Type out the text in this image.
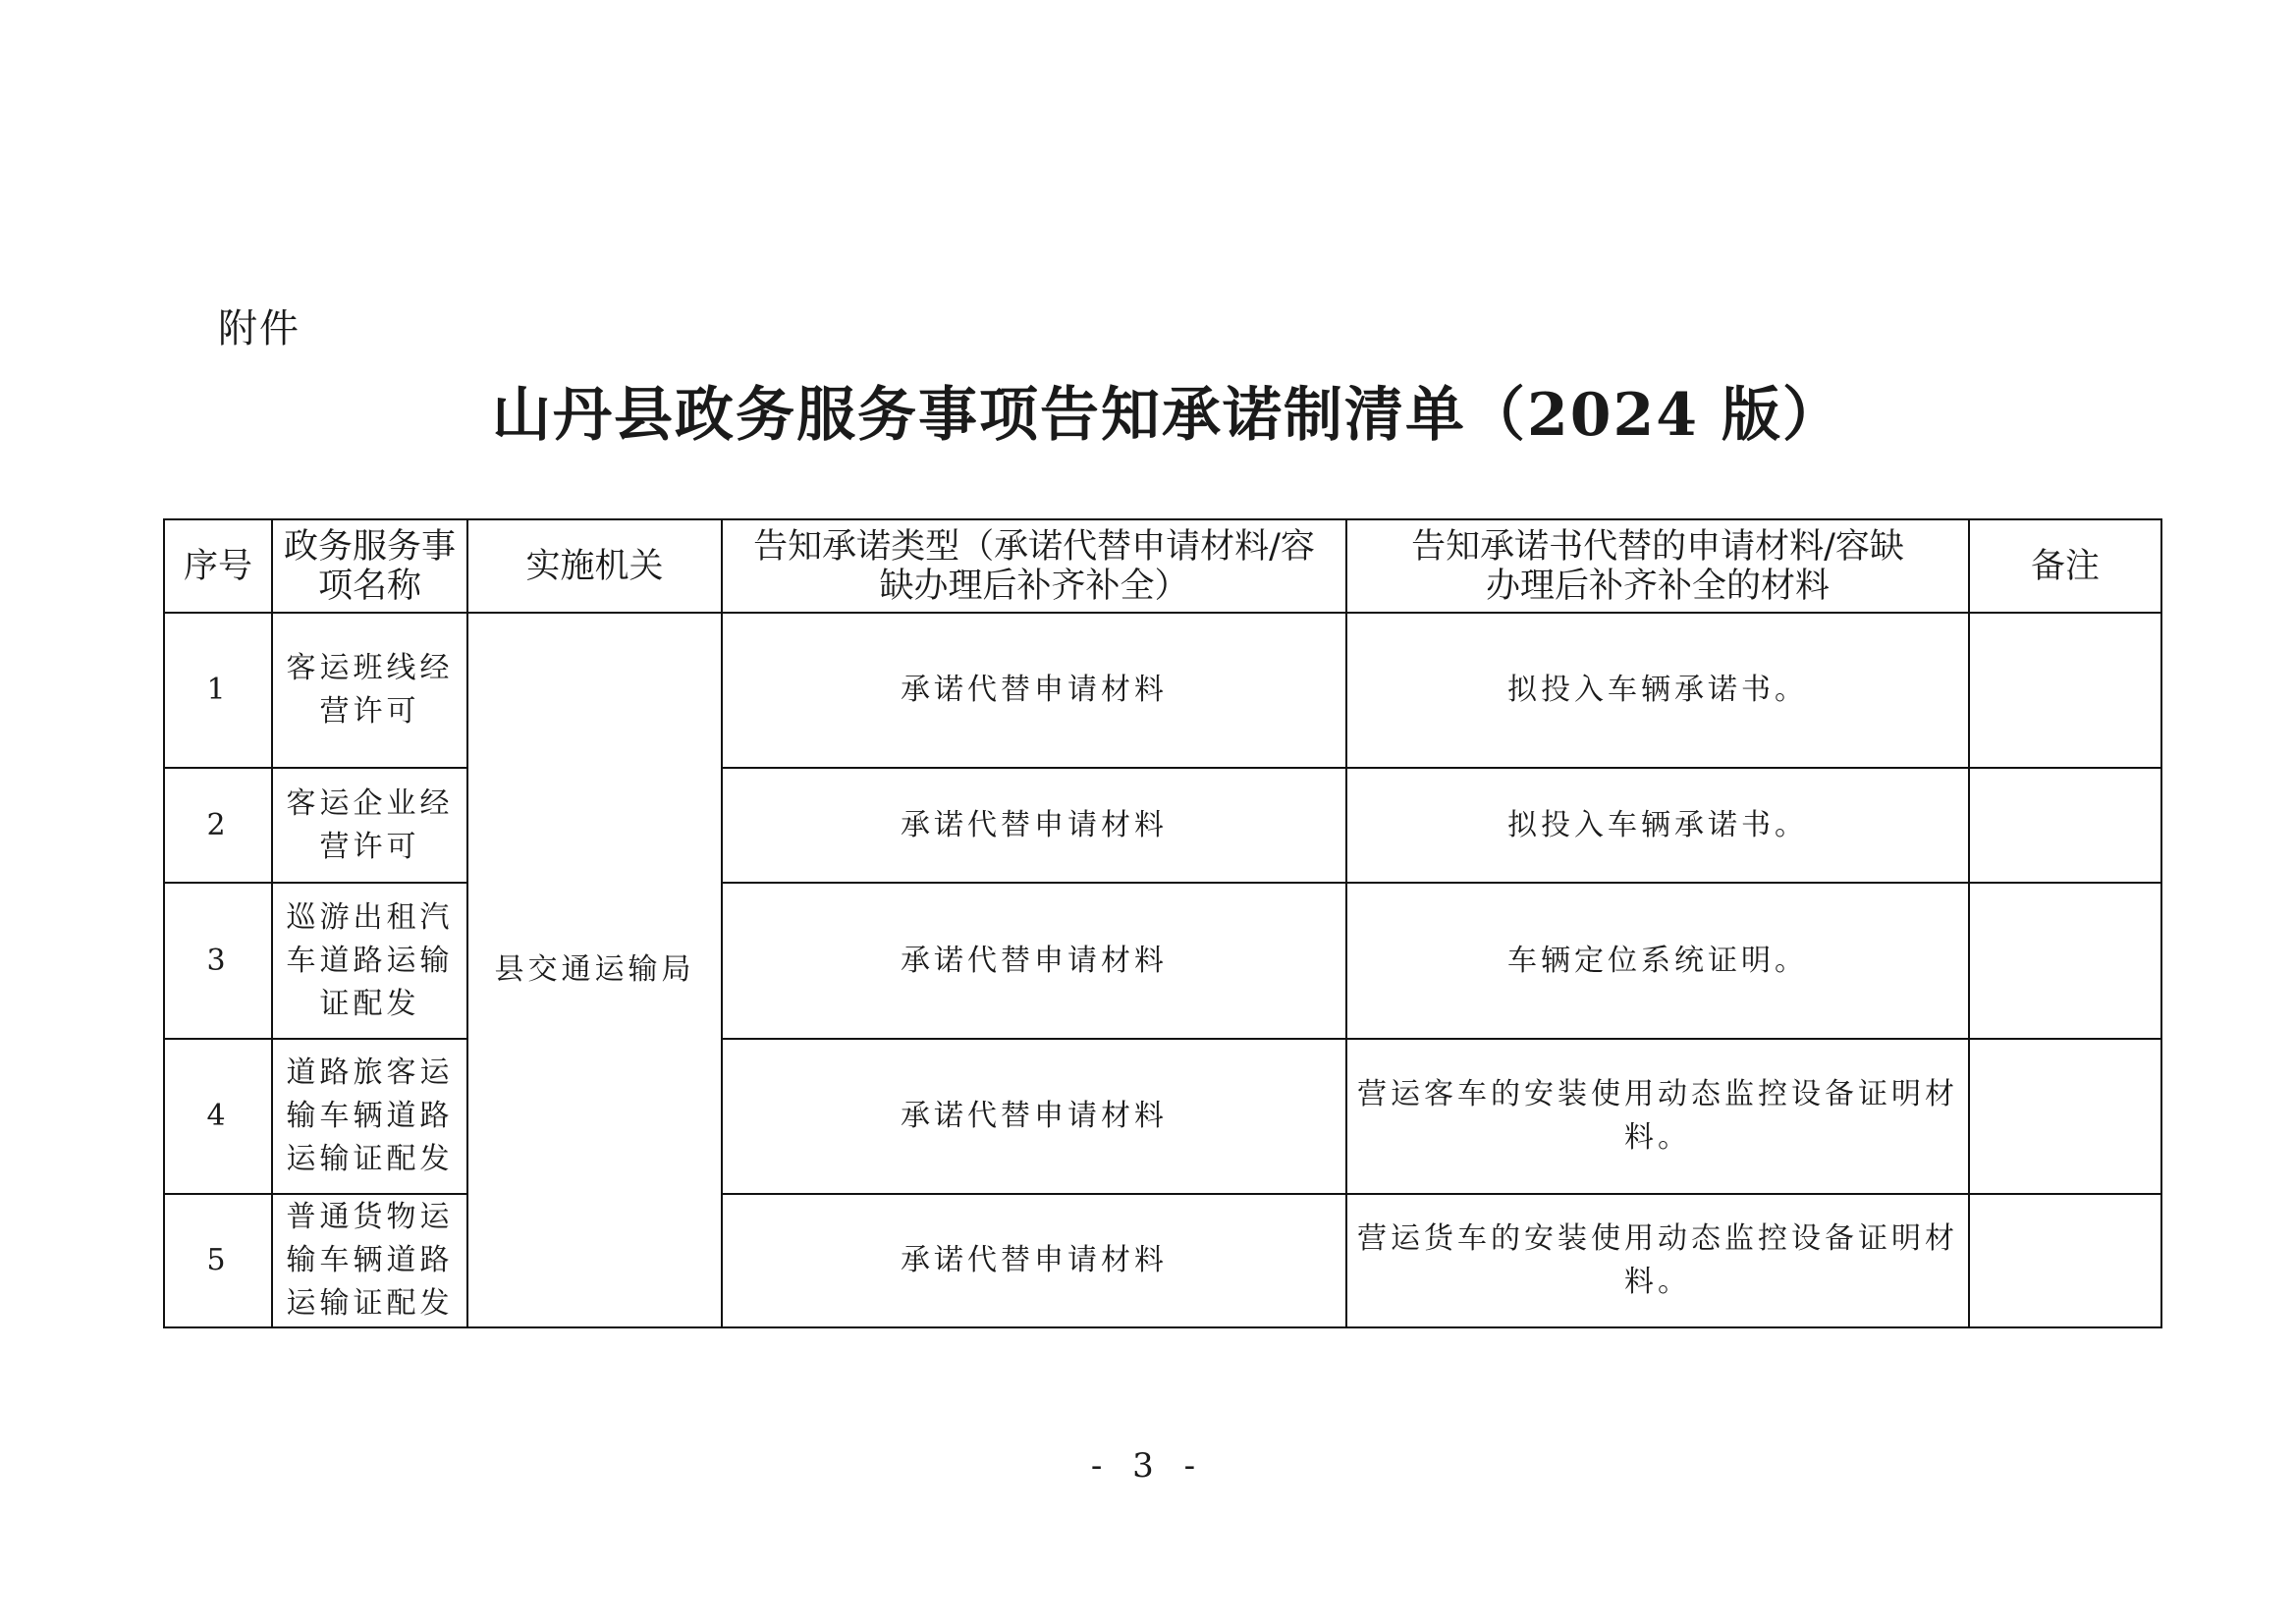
附件
山丹县政务服务事项告知承诺制清单（2024 版）
序号	政务服务事项名称	实施机关	告知承诺类型（承诺代替申请材料/容缺办理后补齐补全）	告知承诺书代替的申请材料/容缺办理后补齐补全的材料	备注
1	客运班线经营许可	县交通运输局	承诺代替申请材料	拟投入车辆承诺书。	
2	客运企业经营许可		承诺代替申请材料	拟投入车辆承诺书。	
3	巡游出租汽车道路运输证配发		承诺代替申请材料	车辆定位系统证明。	
4	道路旅客运输车辆道路运输证配发		承诺代替申请材料	营运客车的安装使用动态监控设备证明材料。	
5	普通货物运输车辆道路运输证配发		承诺代替申请材料	营运货车的安装使用动态监控设备证明材料。	
- 3 -
